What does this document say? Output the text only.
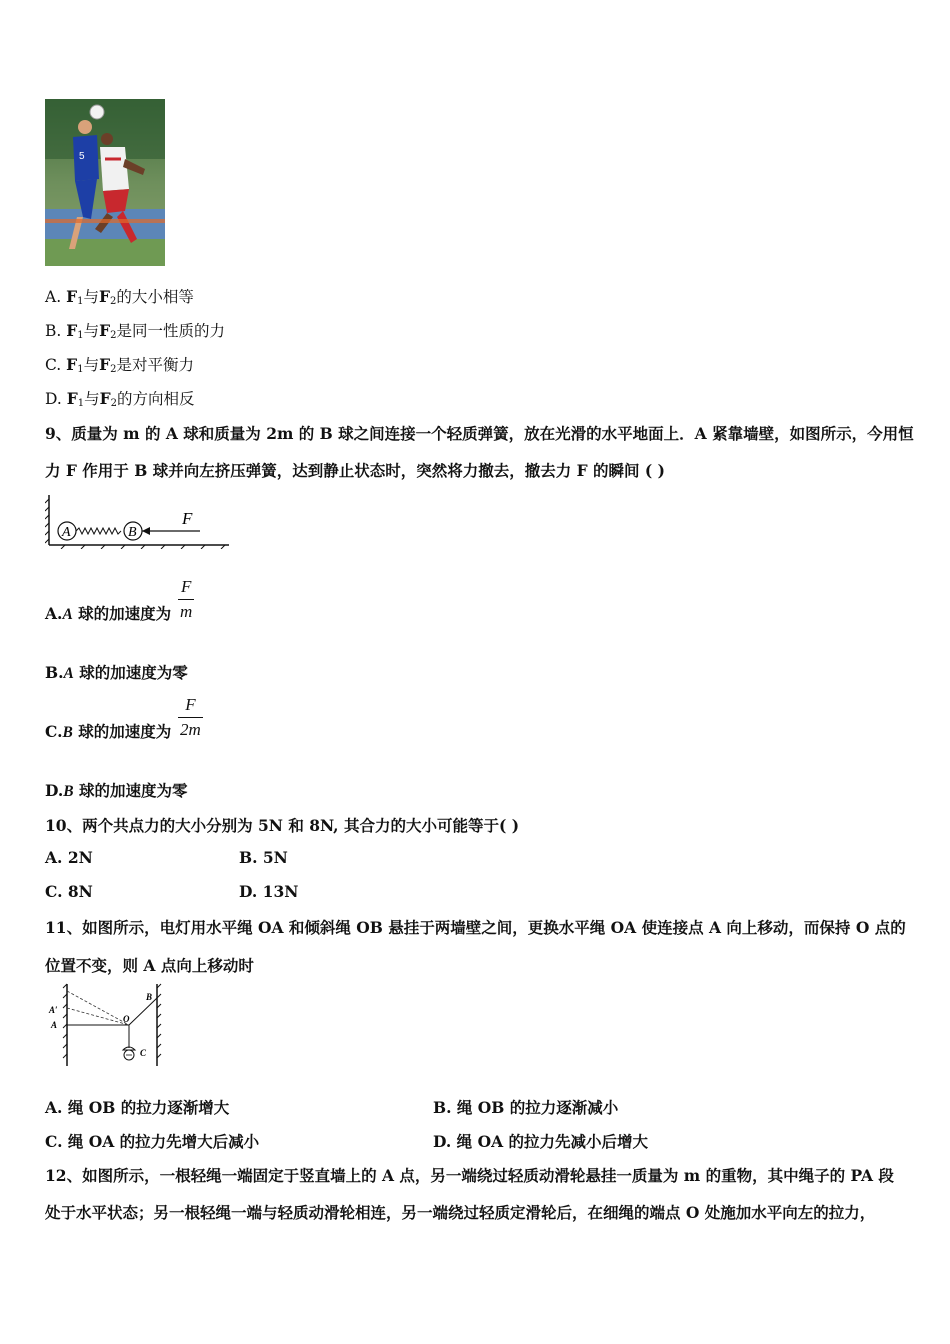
5
A. $F_1$与$F_2$的大小相等
B. $F_1$与$F_2$是同一性质的力
C. $F_1$与$F_2$是对平衡力
D. $F_1$与$F_2$的方向相反
9、质量为 m 的 A 球和质量为 2m 的 B 球之间连接一个轻质弹簧，放在光滑的水平地面上．A 紧靠墙壁，如图所示，今用恒
力 F 作用于 B 球并向左挤压弹簧，达到静止状态时，突然将力撤去，撤去力 F 的瞬间 ( )
A	B
F
A.A 球的加速度为
F
m
B.A 球的加速度为零
C.B 球的加速度为
F
2m
D.B 球的加速度为零
10、两个共点力的大小分别为 5N 和 8N, 其合力的大小可能等于( )
A. 2N	B. 5N
C. 8N	D. 13N
11、如图所示，电灯用水平绳 OA 和倾斜绳 OB 悬挂于两墙壁之间，更换水平绳 OA 使连接点 A 向上移动，而保持 O 点的
位置不变，则 A 点向上移动时
A′
A
O
B
C
A. 绳 OB 的拉力逐渐增大	B. 绳 OB 的拉力逐渐减小
C. 绳 OA 的拉力先增大后减小	D. 绳 OA 的拉力先减小后增大
12、如图所示，一根轻绳一端固定于竖直墙上的 A 点，另一端绕过轻质动滑轮悬挂一质量为 m 的重物，其中绳子的 PA 段
处于水平状态；另一根轻绳一端与轻质动滑轮相连，另一端绕过轻质定滑轮后，在细绳的端点 O 处施加水平向左的拉力，
